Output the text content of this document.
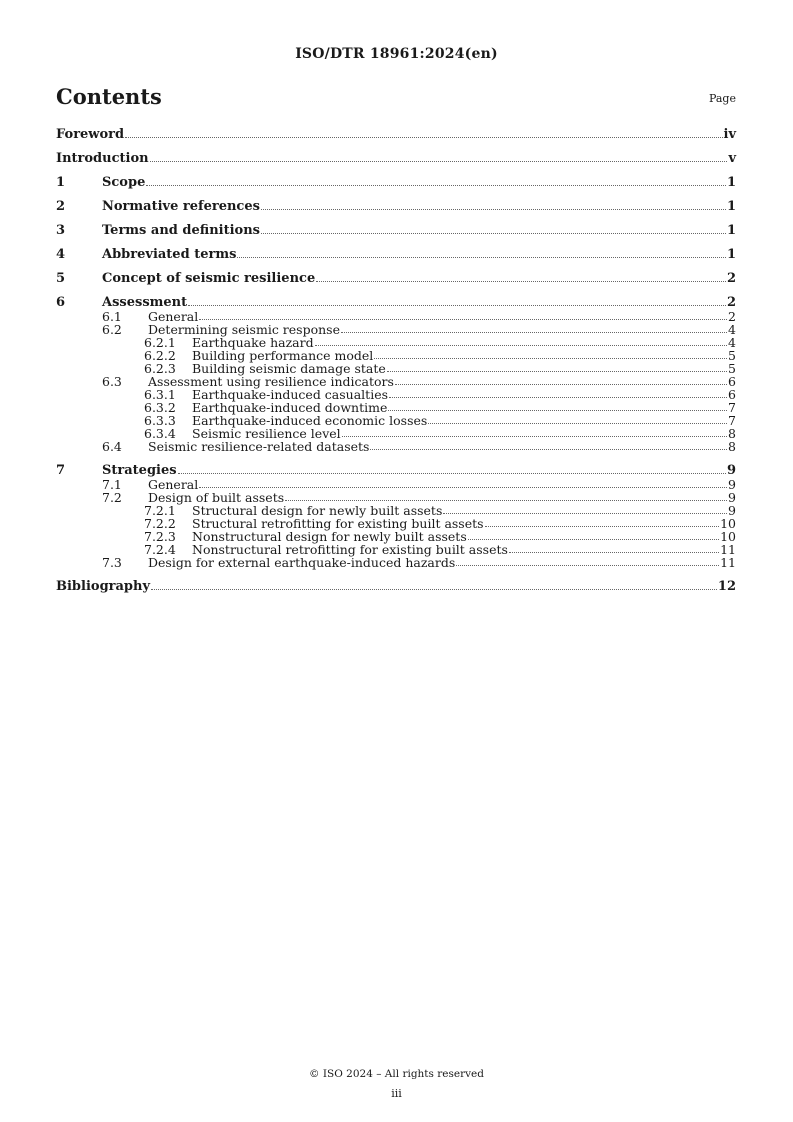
ISO/DTR 18961:2024(en)
Contents	Page
Foreword	iv
Introduction	v
1	Scope	1
2	Normative references	1
3	Terms and definitions	1
4	Abbreviated terms	1
5	Concept of seismic resilience	2
6	Assessment	2
6.1	General	2
6.2	Determining seismic response	4
6.2.1	Earthquake hazard	4
6.2.2	Building performance model	5
6.2.3	Building seismic damage state	5
6.3	Assessment using resilience indicators	6
6.3.1	Earthquake-induced casualties	6
6.3.2	Earthquake-induced downtime	7
6.3.3	Earthquake-induced economic losses	7
6.3.4	Seismic resilience level	8
6.4	Seismic resilience-related datasets	8
7	Strategies	9
7.1	General	9
7.2	Design of built assets	9
7.2.1	Structural design for newly built assets	9
7.2.2	Structural retrofitting for existing built assets	10
7.2.3	Nonstructural design for newly built assets	10
7.2.4	Nonstructural retrofitting for existing built assets	11
7.3	Design for external earthquake-induced hazards	11
Bibliography	12
© ISO 2024 – All rights reserved
iii
